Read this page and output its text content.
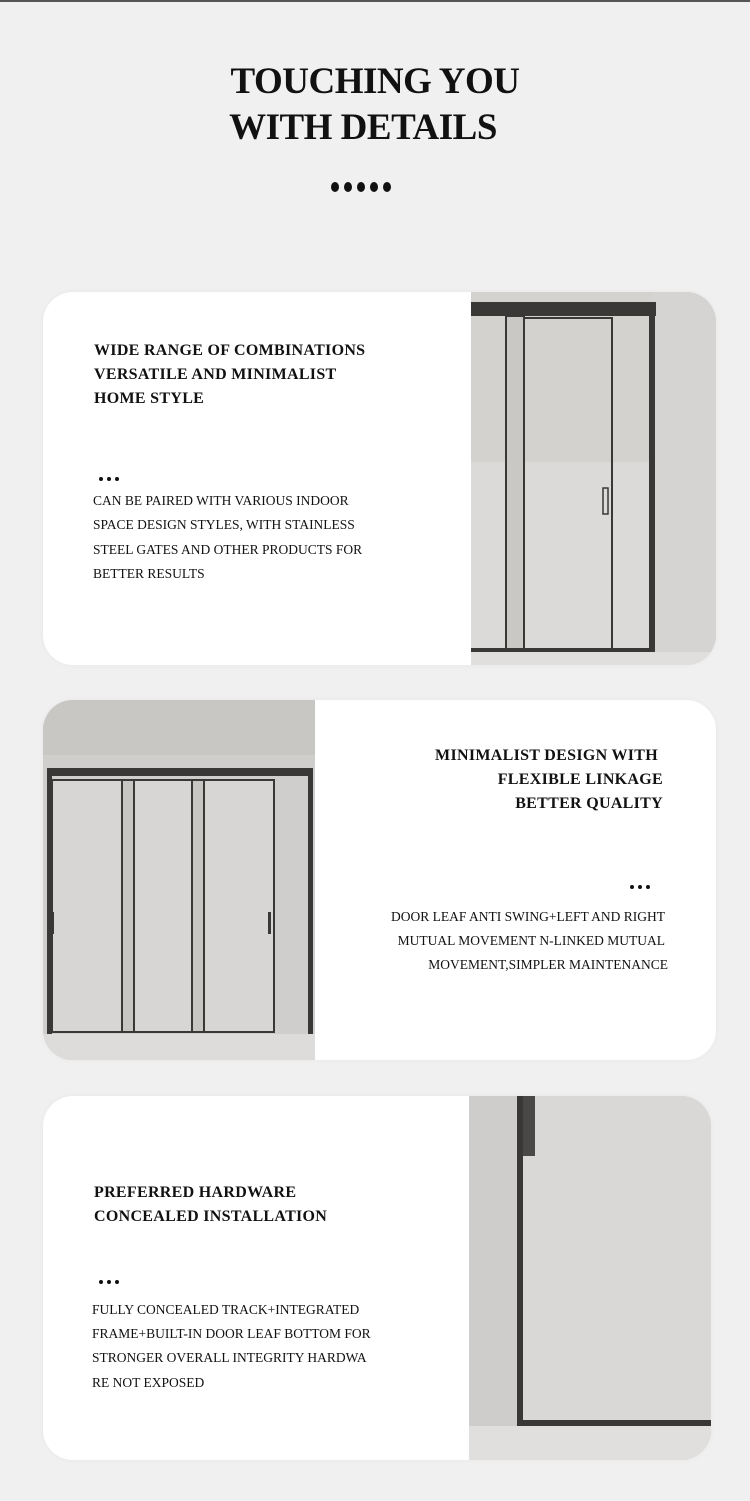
TOUCHING YOU
WITH DETAILS
WIDE RANGE OF COMBINATIONS
VERSATILE AND MINIMALIST
HOME STYLE

CAN BE PAIRED WITH VARIOUS INDOOR

SPACE DESIGN STYLES, WITH STAINLESS

STEEL GATES AND OTHER PRODUCTS FOR

BETTER RESULTS

MINIMALIST DESIGN WITH
FLEXIBLE LINKAGE
BETTER QUALITY

DOOR LEAF ANTI SWING+LEFT AND RIGHT

MUTUAL MOVEMENT N-LINKED MUTUAL

MOVEMENT,SIMPLER MAINTENANCE

PREFERRED HARDWARE
CONCEALED INSTALLATION

FULLY CONCEALED TRACK+INTEGRATED

FRAME+BUILT-IN DOOR LEAF BOTTOM FOR

STRONGER OVERALL INTEGRITY HARDWA

RE NOT EXPOSED
